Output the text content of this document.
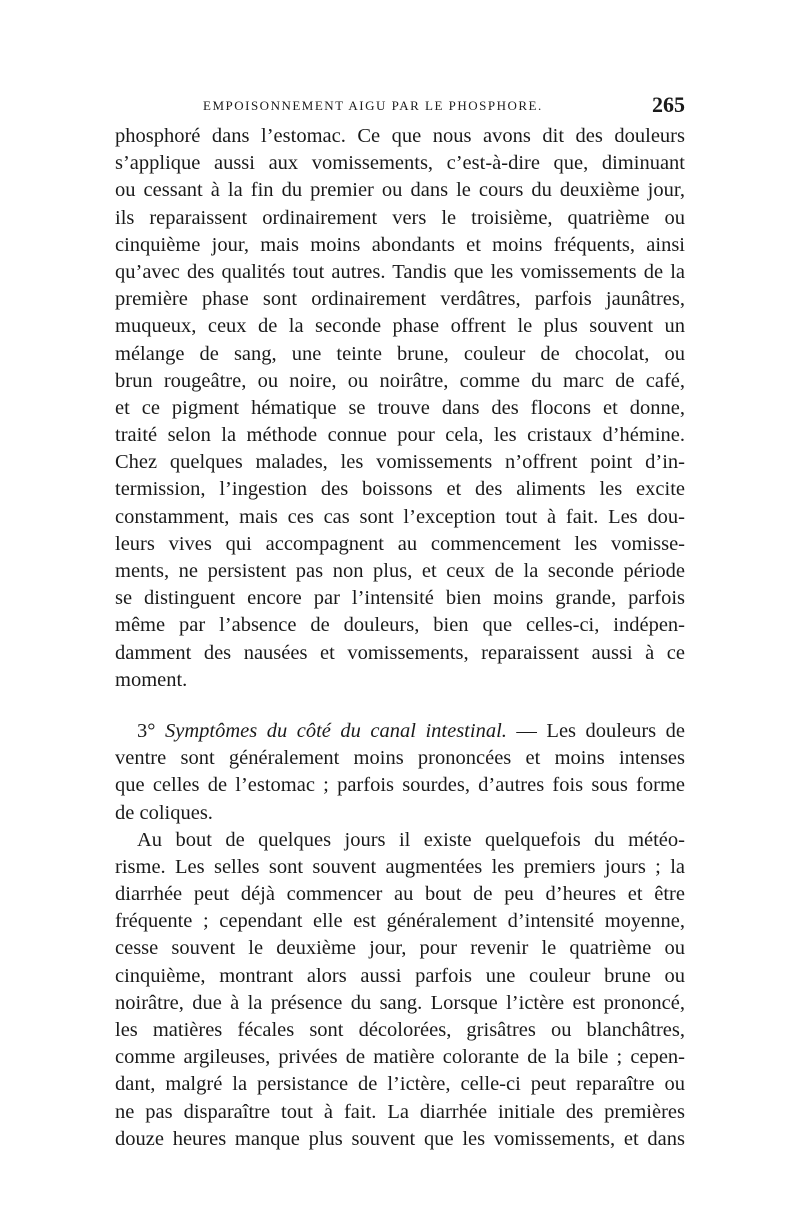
EMPOISONNEMENT AIGU PAR LE PHOSPHORE.	265
phosphoré dans l’estomac. Ce que nous avons dit des douleurs
s’applique aussi aux vomissements, c’est-à-dire que, diminuant
ou cessant à la fin du premier ou dans le cours du deuxième jour,
ils reparaissent ordinairement vers le troisième, quatrième ou
cinquième jour, mais moins abondants et moins fréquents, ainsi
qu’avec des qualités tout autres. Tandis que les vomissements de la
première phase sont ordinairement verdâtres, parfois jaunâtres,
muqueux, ceux de la seconde phase offrent le plus souvent un
mélange de sang, une teinte brune, couleur de chocolat, ou
brun rougeâtre, ou noire, ou noirâtre, comme du marc de café,
et ce pigment hématique se trouve dans des flocons et donne,
traité selon la méthode connue pour cela, les cristaux d’hémine.
Chez quelques malades, les vomissements n’offrent point d’in-
termission, l’ingestion des boissons et des aliments les excite
constamment, mais ces cas sont l’exception tout à fait. Les dou-
leurs vives qui accompagnent au commencement les vomisse-
ments, ne persistent pas non plus, et ceux de la seconde période
se distinguent encore par l’intensité bien moins grande, parfois
même par l’absence de douleurs, bien que celles-ci, indépen-
damment des nausées et vomissements, reparaissent aussi à ce
moment.
3° Symptômes du côté du canal intestinal. — Les douleurs de
ventre sont généralement moins prononcées et moins intenses
que celles de l’estomac ; parfois sourdes, d’autres fois sous forme
de coliques.
Au bout de quelques jours il existe quelquefois du météo-
risme. Les selles sont souvent augmentées les premiers jours ; la
diarrhée peut déjà commencer au bout de peu d’heures et être
fréquente ; cependant elle est généralement d’intensité moyenne,
cesse souvent le deuxième jour, pour revenir le quatrième ou
cinquième, montrant alors aussi parfois une couleur brune ou
noirâtre, due à la présence du sang. Lorsque l’ictère est prononcé,
les matières fécales sont décolorées, grisâtres ou blanchâtres,
comme argileuses, privées de matière colorante de la bile ; cepen-
dant, malgré la persistance de l’ictère, celle-ci peut reparaître ou
ne pas disparaître tout à fait. La diarrhée initiale des premières
douze heures manque plus souvent que les vomissements, et dans
